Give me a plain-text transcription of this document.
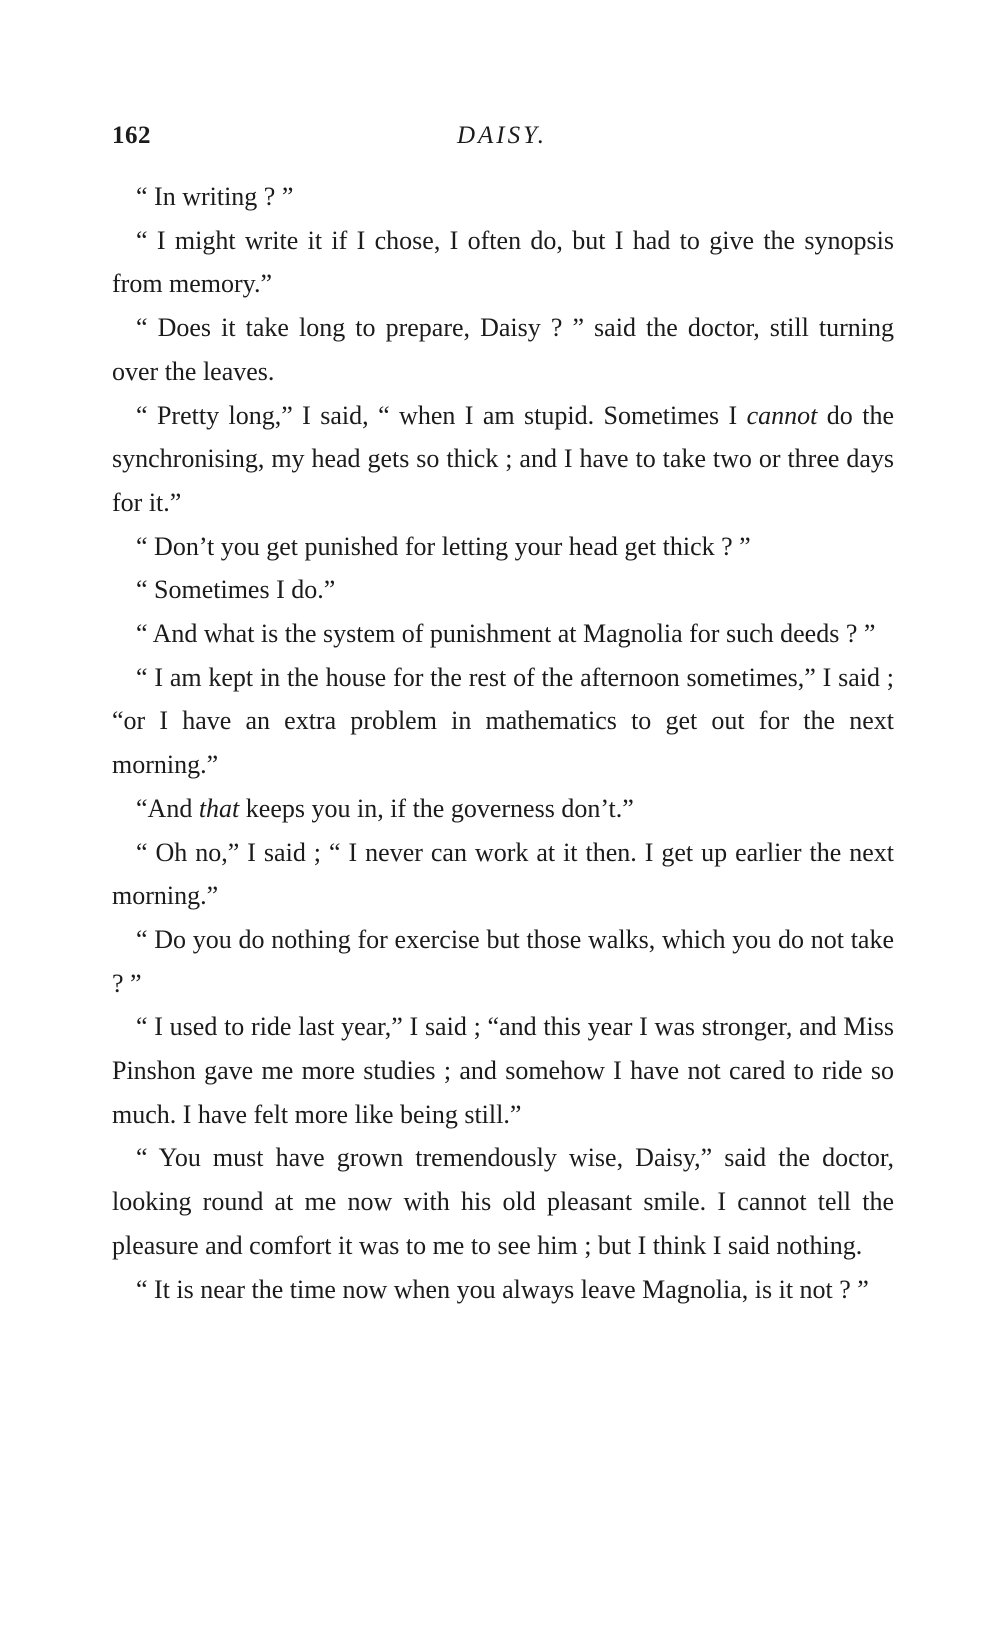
162	DAISY.

“ In writing ? ”

“ I might write it if I chose, I often do, but I had to give the synopsis from memory.”

“ Does it take long to prepare, Daisy ? ” said the doctor, still turning over the leaves.

“ Pretty long,” I said, “ when I am stupid. Sometimes I cannot do the synchronising, my head gets so thick ; and I have to take two or three days for it.”

“ Don’t you get punished for letting your head get thick ? ”

“ Sometimes I do.”

“ And what is the system of punishment at Magnolia for such deeds ? ”

“ I am kept in the house for the rest of the afternoon sometimes,” I said ; “or I have an extra problem in mathematics to get out for the next morning.”

“And that keeps you in, if the governess don’t.”

“ Oh no,” I said ; “ I never can work at it then. I get up earlier the next morning.”

“ Do you do nothing for exercise but those walks, which you do not take ? ”

“ I used to ride last year,” I said ; “and this year I was stronger, and Miss Pinshon gave me more studies ; and somehow I have not cared to ride so much. I have felt more like being still.”

“ You must have grown tremendously wise, Daisy,” said the doctor, looking round at me now with his old pleasant smile. I cannot tell the pleasure and comfort it was to me to see him ; but I think I said nothing.

“ It is near the time now when you always leave Magnolia, is it not ? ”
